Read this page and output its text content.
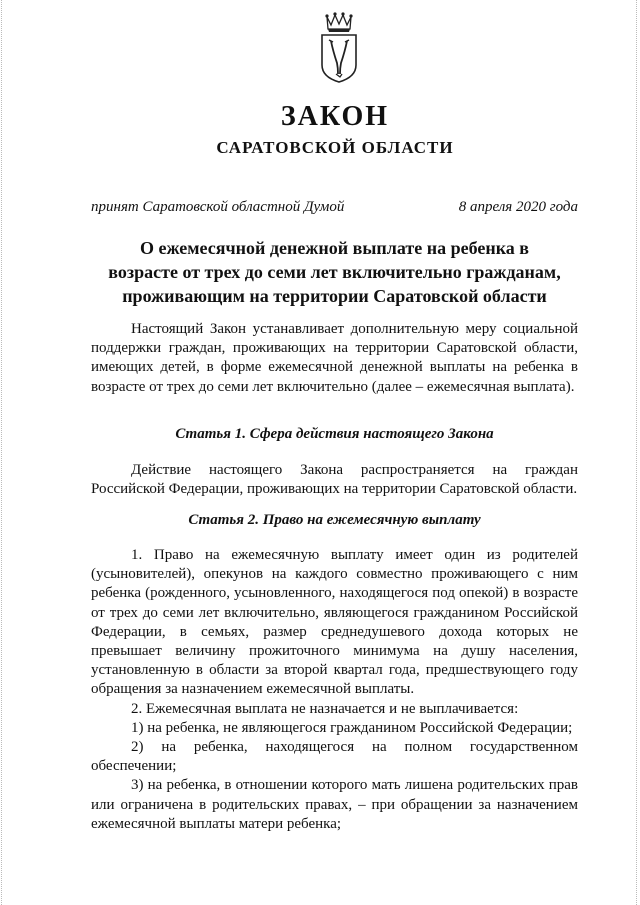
ЗАКОН
САРАТОВСКОЙ ОБЛАСТИ
принят Саратовской областной Думой	8 апреля 2020 года
О ежемесячной денежной выплате на ребенка в
возрасте от трех до семи лет включительно гражданам,
проживающим на территории Саратовской области

Настоящий Закон устанавливает дополнительную меру социальной поддержки граждан, проживающих на территории Саратовской области, имеющих детей, в форме ежемесячной денежной выплаты на ребенка в возрасте от трех до семи лет включительно (далее – ежемесячная выплата).

Статья 1. Сфера действия настоящего Закона

Действие настоящего Закона распространяется на граждан Российской Федерации, проживающих на территории Саратовской области.

Статья 2. Право на ежемесячную выплату

1. Право на ежемесячную выплату имеет один из родителей (усыновителей), опекунов на каждого совместно проживающего с ним ребенка (рожденного, усыновленного, находящегося под опекой) в возрасте от трех до семи лет включительно, являющегося гражданином Российской Федерации, в семьях, размер среднедушевого дохода которых не превышает величину прожиточного минимума на душу населения, установленную в области за второй квартал года, предшествующего году обращения за назначением ежемесячной выплаты.

2. Ежемесячная выплата не назначается и не выплачивается:

1) на ребенка, не являющегося гражданином Российской Федерации;

2) на ребенка, находящегося на полном государственном обеспечении;

3) на ребенка, в отношении которого мать лишена родительских прав или ограничена в родительских правах, – при обращении за назначением ежемесячной выплаты матери ребенка;
